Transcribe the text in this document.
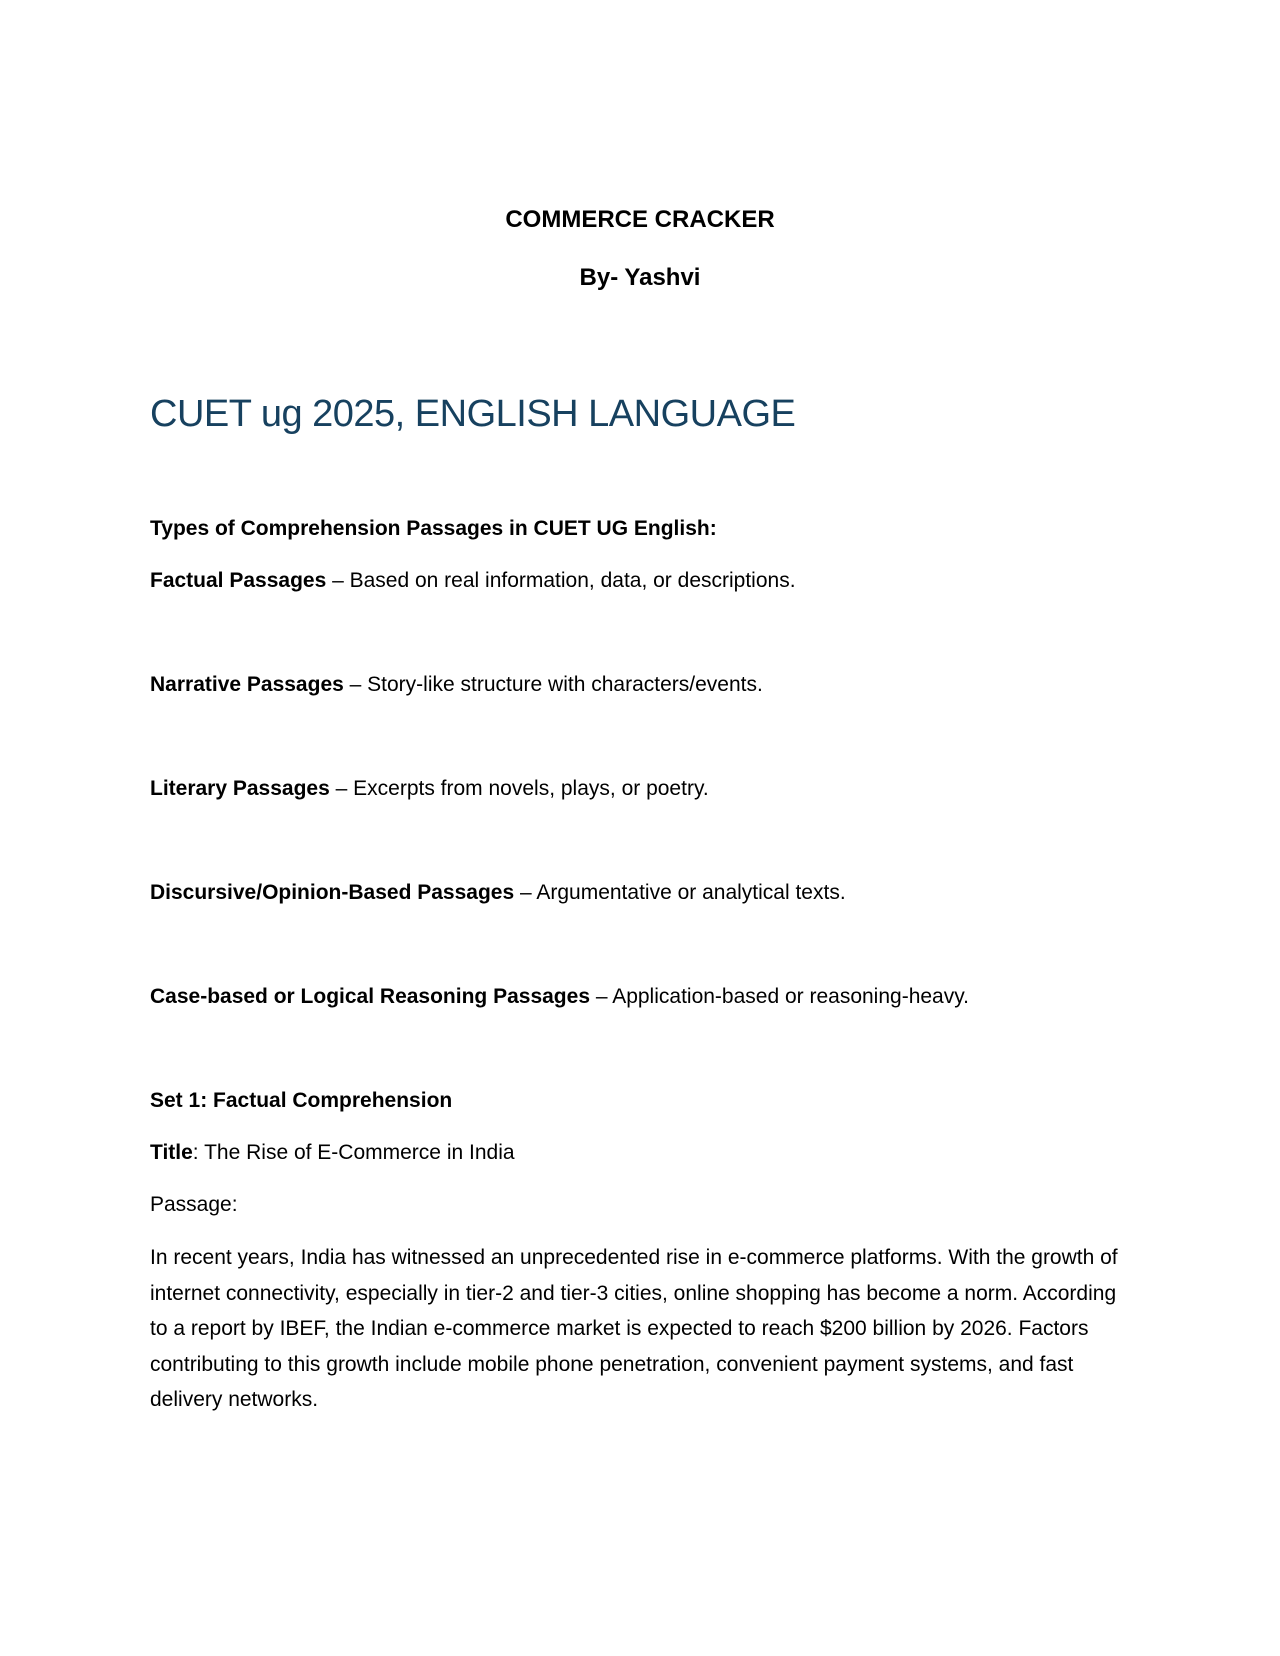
COMMERCE CRACKER

By- Yashvi

CUET ug 2025, ENGLISH LANGUAGE

Types of Comprehension Passages in CUET UG English:

Factual Passages – Based on real information, data, or descriptions.

Narrative Passages – Story-like structure with characters/events.

Literary Passages – Excerpts from novels, plays, or poetry.

Discursive/Opinion-Based Passages – Argumentative or analytical texts.

Case-based or Logical Reasoning Passages – Application-based or reasoning-heavy.

Set 1: Factual Comprehension

Title: The Rise of E-Commerce in India

Passage:

In recent years, India has witnessed an unprecedented rise in e-commerce platforms. With the growth of internet connectivity, especially in tier-2 and tier-3 cities, online shopping has become a norm. According to a report by IBEF, the Indian e-commerce market is expected to reach $200 billion by 2026. Factors contributing to this growth include mobile phone penetration, convenient payment systems, and fast delivery networks.
